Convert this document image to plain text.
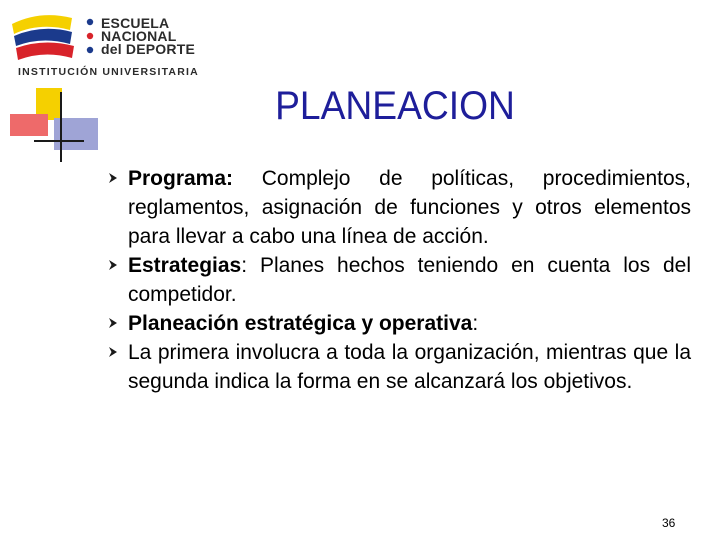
ESCUELA
NACIONAL
del DEPORTE
INSTITUCIÓN UNIVERSITARIA
PLANEACION
Programa: Complejo de políticas, procedimientos, reglamentos, asignación de funciones y otros elementos para llevar a cabo una línea de acción.
Estrategias: Planes hechos teniendo en cuenta los del competidor.
Planeación estratégica y operativa:
La primera involucra a toda la organización, mientras que la segunda indica la forma en se alcanzará los objetivos.
36
